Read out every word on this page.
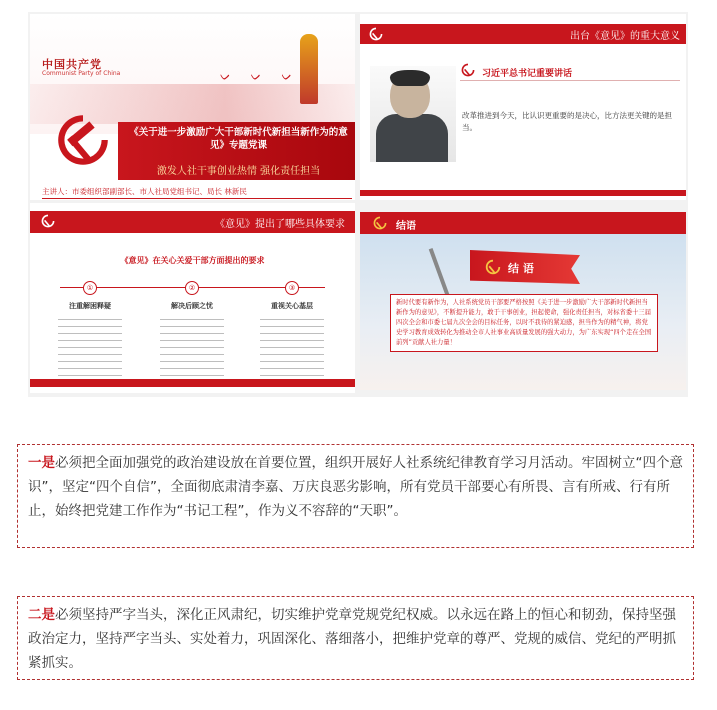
ᨆ ᨆ ᨆ
中国共产党
Communist Party of China
《关于进一步激励广大干部新时代新担当新作为的意见》专题党课
激发人社干事创业热情 强化责任担当
主讲人：市委组织部副部长、市人社局党组书记、局长 林新民
出台《意见》的重大意义
习近平总书记重要讲话
改革推进到今天，比认识更重要的是决心，比方法更关键的是担当。
《意见》提出了哪些具体要求
《意见》在关心关爱干部方面提出的要求
①
注重解困释疑
②
解决后顾之忧
③
重视关心基层
结语
结 语
新时代要有新作为，人社系统党员干部要严格按照《关于进一步激励广大干部新时代新担当新作为的意见》，不断提升能力，敢于干事创业，担起使命，强化责任担当，对标省委十三届四次全会和市委七届九次全会的目标任务，以时不我待的紧迫感，担当作为的精气神，将党史学习教育成效转化为推动全市人社事业高质量发展的强大动力，为广东实现“四个走在全国前列”贡献人社力量！
一是必须把全面加强党的政治建设放在首要位置，组织开展好人社系统纪律教育学习月活动。牢固树立“四个意识”，坚定“四个自信”，全面彻底肃清李嘉、万庆良恶劣影响，所有党员干部要心有所畏、言有所戒、行有所止，始终把党建工作作为“书记工程”，作为义不容辞的“天职”。
二是必须坚持严字当头，深化正风肃纪，切实维护党章党规党纪权威。以永远在路上的恒心和韧劲，保持坚强政治定力，坚持严字当头、实处着力，巩固深化、落细落小，把维护党章的尊严、党规的威信、党纪的严明抓紧抓实。
